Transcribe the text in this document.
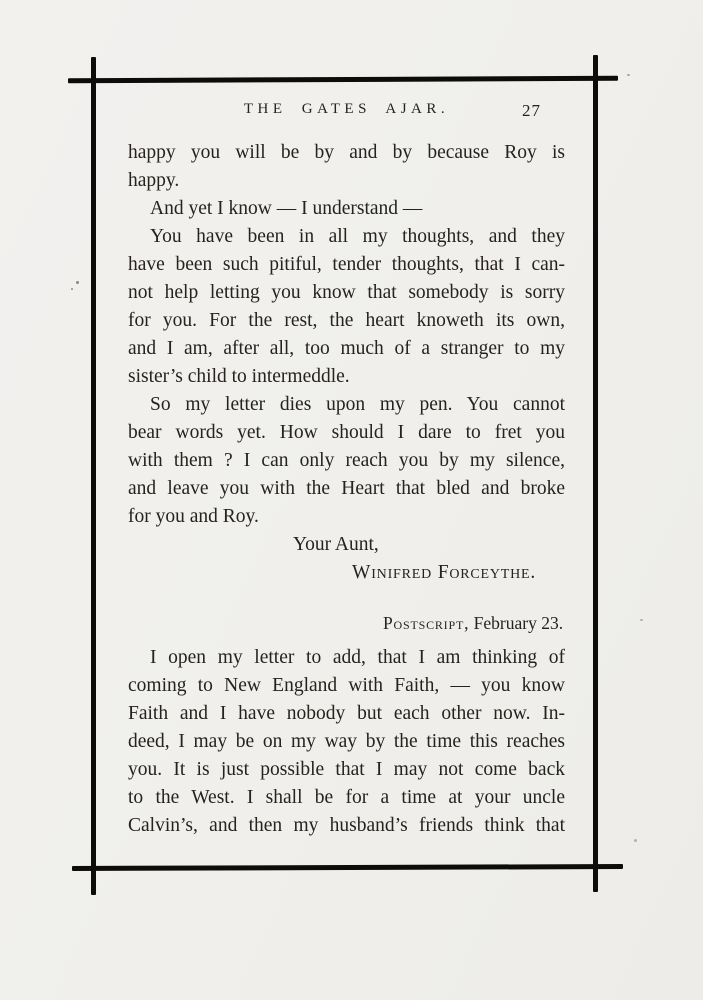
THE GATES AJAR.	27
happy you will be by and by because Roy is
happy.
And yet I know — I understand —
You have been in all my thoughts, and they
have been such pitiful, tender thoughts, that I can-
not help letting you know that somebody is sorry
for you. For the rest, the heart knoweth its own,
and I am, after all, too much of a stranger to my
sister’s child to intermeddle.
So my letter dies upon my pen. You cannot
bear words yet. How should I dare to fret you
with them ? I can only reach you by my silence,
and leave you with the Heart that bled and broke
for you and Roy.
Your Aunt,
Winifred Forceythe.
Postscript, February 23.
I open my letter to add, that I am thinking of
coming to New England with Faith, — you know
Faith and I have nobody but each other now. In-
deed, I may be on my way by the time this reaches
you. It is just possible that I may not come back
to the West. I shall be for a time at your uncle
Calvin’s, and then my husband’s friends think that
